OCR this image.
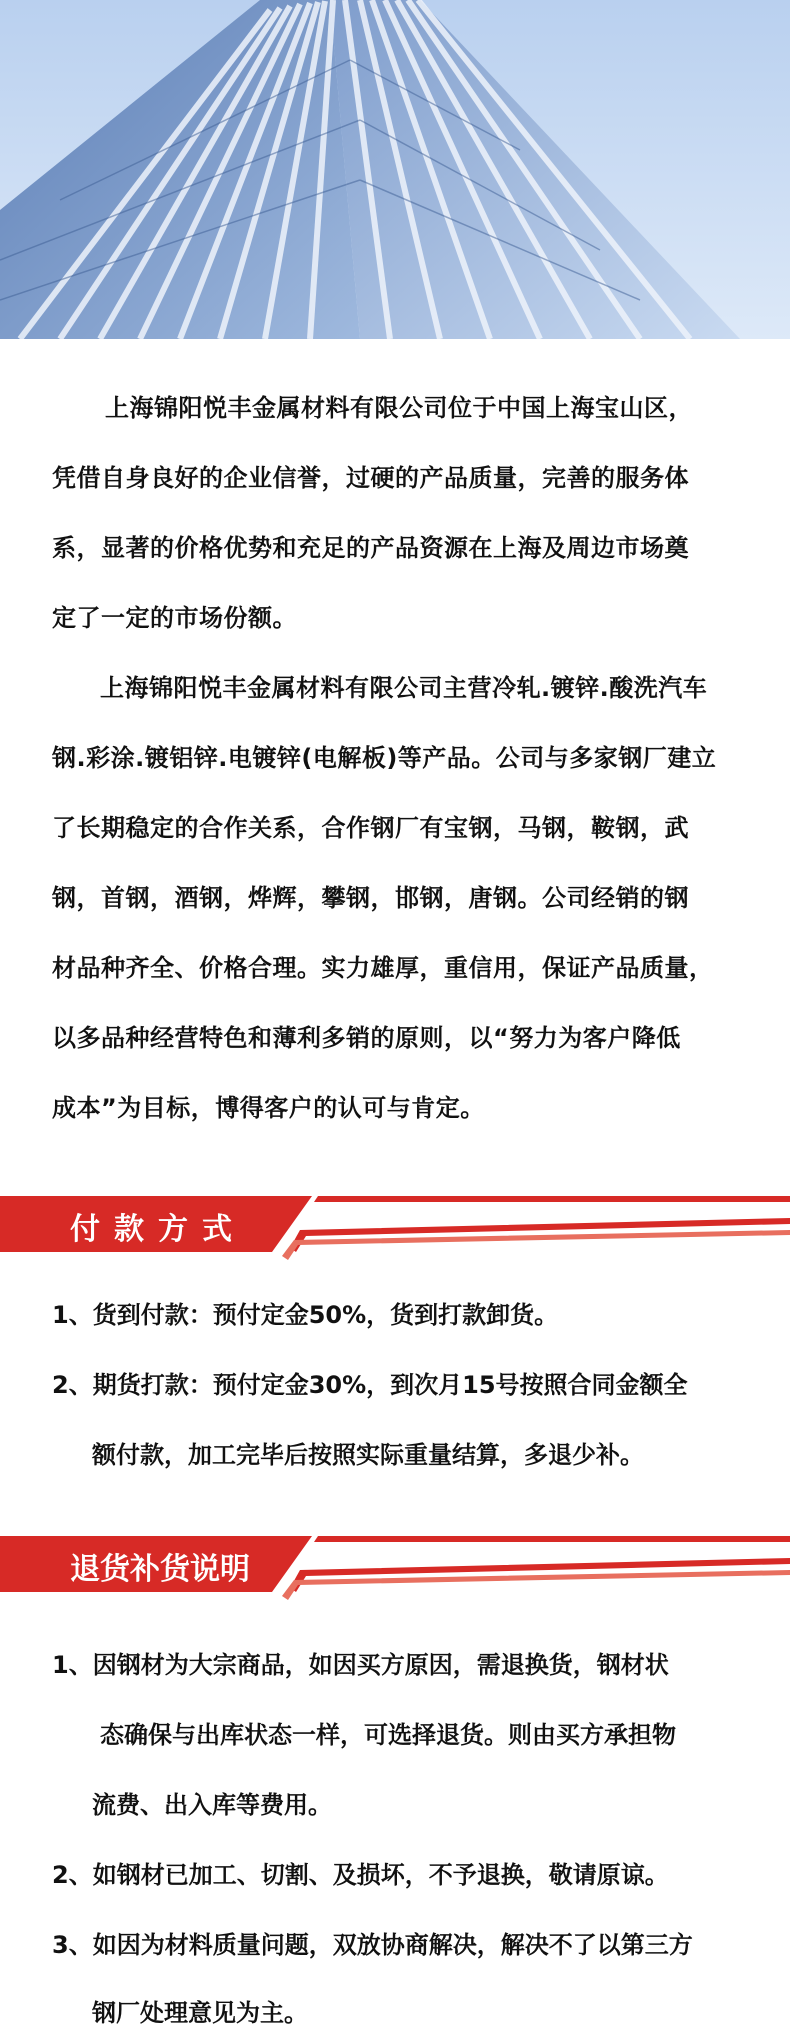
上海锦阳悦丰金属材料有限公司位于中国上海宝山区，
凭借自身良好的企业信誉，过硬的产品质量，完善的服务体
系，显著的价格优势和充足的产品资源在上海及周边市场奠
定了一定的市场份额。
上海锦阳悦丰金属材料有限公司主营冷轧.镀锌.酸洗汽车
钢.彩涂.镀铝锌.电镀锌(电解板)等产品。公司与多家钢厂建立
了长期稳定的合作关系，合作钢厂有宝钢，马钢，鞍钢，武
钢，首钢，酒钢，烨辉，攀钢，邯钢，唐钢。公司经销的钢
材品种齐全、价格合理。实力雄厚，重信用，保证产品质量，
以多品种经营特色和薄利多销的原则，以“努力为客户降低
成本”为目标，博得客户的认可与肯定。
付款方式
1、货到付款：预付定金50%，货到打款卸货。
2、期货打款：预付定金30%，到次月15号按照合同金额全
额付款，加工完毕后按照实际重量结算，多退少补。
退货补货说明
1、因钢材为大宗商品，如因买方原因，需退换货，钢材状
态确保与出库状态一样，可选择退货。则由买方承担物
流费、出入库等费用。
2、如钢材已加工、切割、及损坏，不予退换，敬请原谅。
3、如因为材料质量问题，双放协商解决，解决不了以第三方
钢厂处理意见为主。
